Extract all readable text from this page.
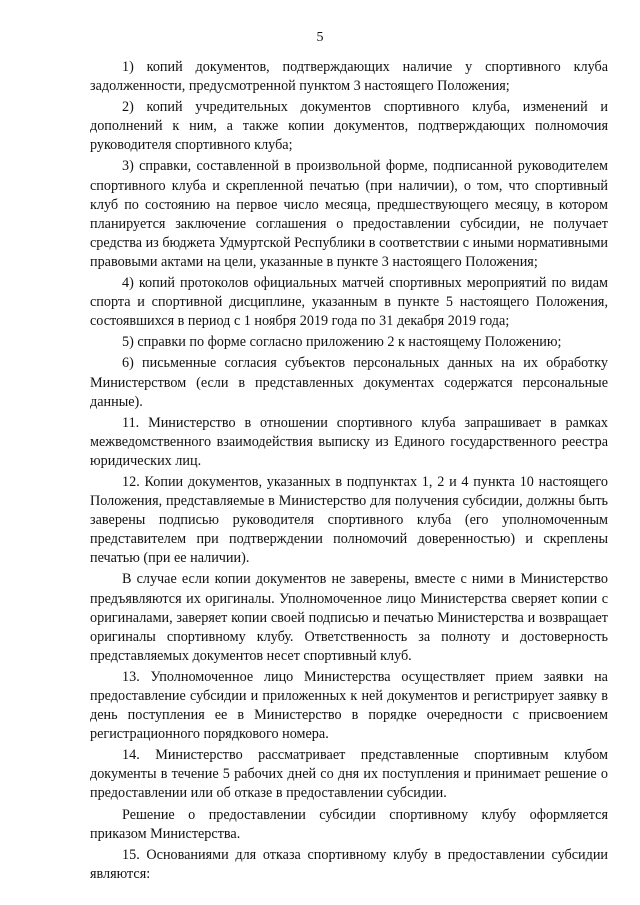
5

1) копий документов, подтверждающих наличие у спортивного клуба задолженности, предусмотренной пунктом 3 настоящего Положения;

2) копий учредительных документов спортивного клуба, изменений и дополнений к ним, а также копии документов, подтверждающих полномочия руководителя спортивного клуба;

3) справки, составленной в произвольной форме, подписанной руководителем спортивного клуба и скрепленной печатью (при наличии), о том, что спортивный клуб по состоянию на первое число месяца, предшествующего месяцу, в котором планируется заключение соглашения о предоставлении субсидии, не получает средства из бюджета Удмуртской Республики в соответствии с иными нормативными правовыми актами на цели, указанные в пункте 3 настоящего Положения;

4) копий протоколов официальных матчей спортивных мероприятий по видам спорта и спортивной дисциплине, указанным в пункте 5 настоящего Положения, состоявшихся в период с 1 ноября 2019 года по 31 декабря 2019 года;

5) справки по форме согласно приложению 2 к настоящему Положению;

6) письменные согласия субъектов персональных данных на их обработку Министерством (если в представленных документах содержатся персональные данные).

11. Министерство в отношении спортивного клуба запрашивает в рамках межведомственного взаимодействия выписку из Единого государственного реестра юридических лиц.

12. Копии документов, указанных в подпунктах 1, 2 и 4 пункта 10 настоящего Положения, представляемые в Министерство для получения субсидии, должны быть заверены подписью руководителя спортивного клуба (его уполномоченным представителем при подтверждении полномочий доверенностью) и скреплены печатью (при ее наличии).

В случае если копии документов не заверены, вместе с ними в Министерство предъявляются их оригиналы. Уполномоченное лицо Министерства сверяет копии с оригиналами, заверяет копии своей подписью и печатью Министерства и возвращает оригиналы спортивному клубу. Ответственность за полноту и достоверность представляемых документов несет спортивный клуб.

13. Уполномоченное лицо Министерства осуществляет прием заявки на предоставление субсидии и приложенных к ней документов и регистрирует заявку в день поступления ее в Министерство в порядке очередности с присвоением регистрационного порядкового номера.

14. Министерство рассматривает представленные спортивным клубом документы в течение 5 рабочих дней со дня их поступления и принимает решение о предоставлении или об отказе в предоставлении субсидии.

Решение о предоставлении субсидии спортивному клубу оформляется приказом Министерства.

15. Основаниями для отказа спортивному клубу в предоставлении субсидии являются:
